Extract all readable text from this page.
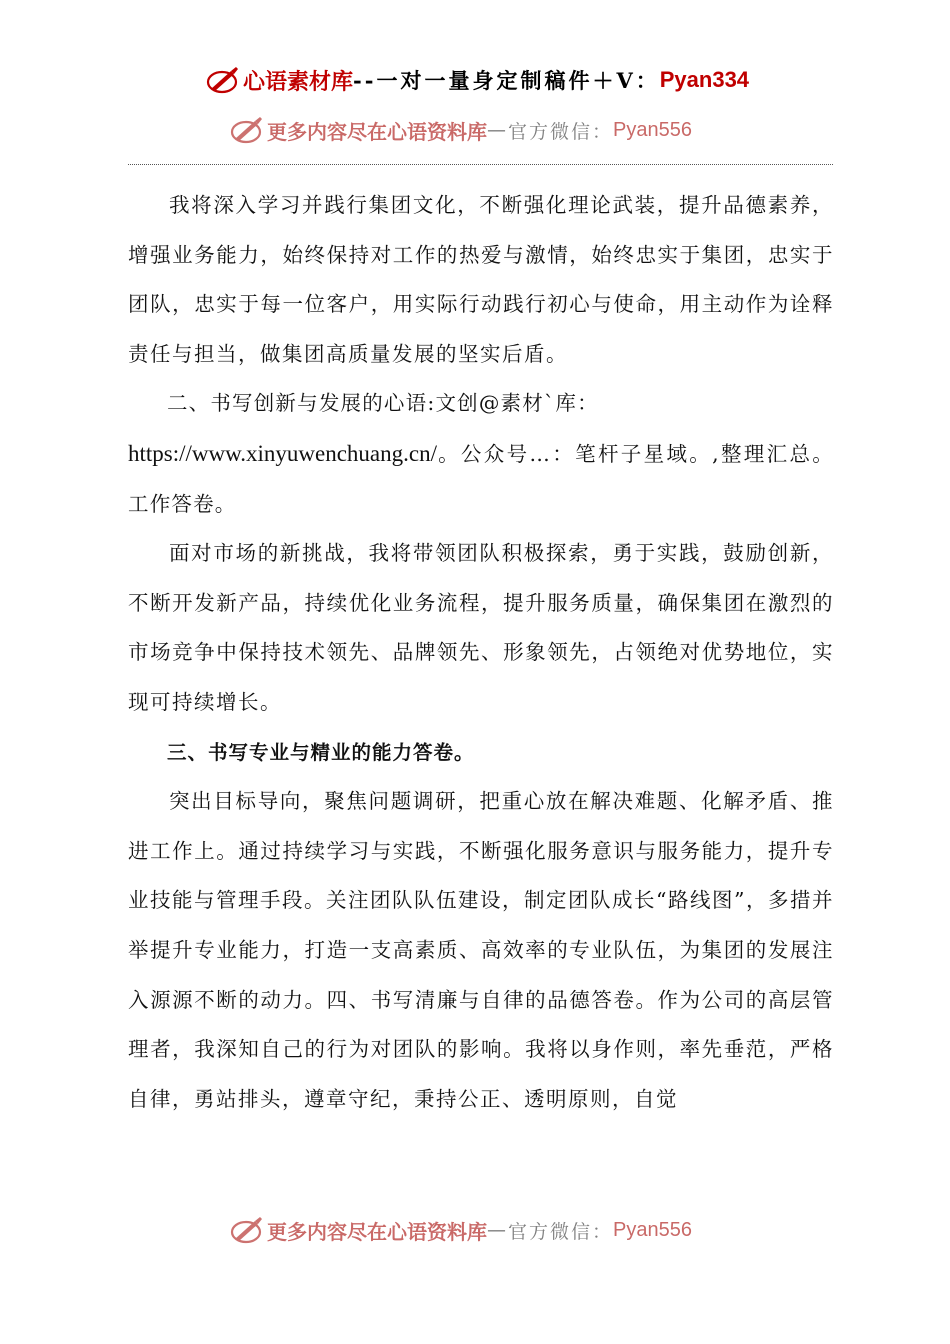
心语素材库 -- 一对一量身定制稿件＋V： Pyan334
更多内容尽在心语资料库 — 官方微信： Pyan556

我将深入学习并践行集团文化，不断强化理论武装，提升品德素养，增强业务能力，始终保持对工作的热爱与激情，始终忠实于集团，忠实于团队，忠实于每一位客户，用实际行动践行初心与使命，用主动作为诠释责任与担当，做集团高质量发展的坚实后盾。

二、书写创新与发展的心语:文创@素材`库：
https://www.xinyuwenchuang.cn/。公众号…：笔杆子星域。,整理汇总。工作答卷。

面对市场的新挑战，我将带领团队积极探索，勇于实践，鼓励创新，不断开发新产品，持续优化业务流程，提升服务质量，确保集团在激烈的市场竞争中保持技术领先、品牌领先、形象领先，占领绝对优势地位，实现可持续增长。

三、书写专业与精业的能力答卷。

突出目标导向，聚焦问题调研，把重心放在解决难题、化解矛盾、推进工作上。通过持续学习与实践，不断强化服务意识与服务能力，提升专业技能与管理手段。关注团队队伍建设，制定团队成长“路线图”，多措并举提升专业能力，打造一支高素质、高效率的专业队伍，为集团的发展注入源源不断的动力。四、书写清廉与自律的品德答卷。作为公司的高层管理者，我深知自己的行为对团队的影响。我将以身作则，率先垂范，严格自律，勇站排头，遵章守纪，秉持公正、透明原则，自觉

更多内容尽在心语资料库 — 官方微信： Pyan556
